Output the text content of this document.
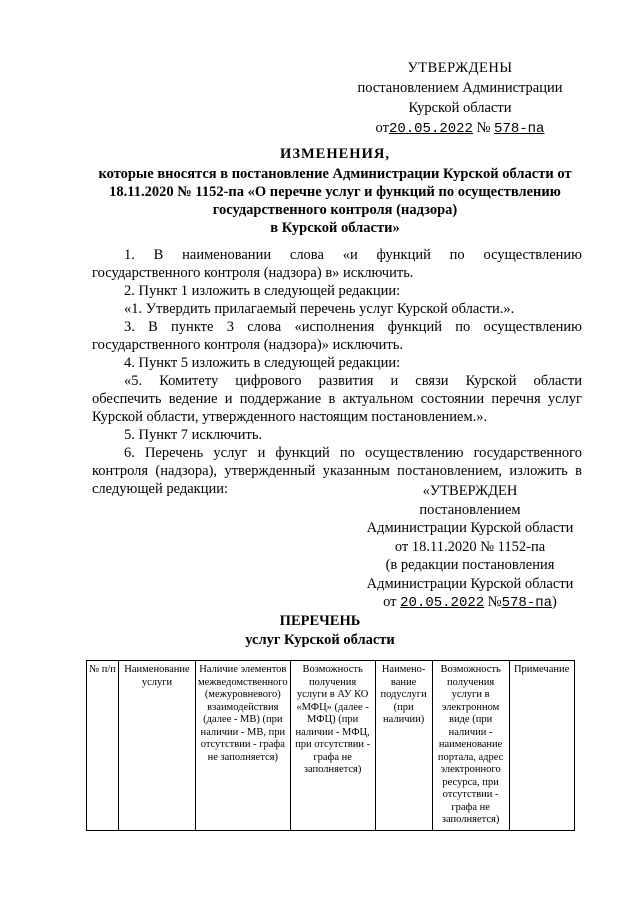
УТВЕРЖДЕНЫ
постановлением Администрации
Курской области
от20.05.2022 № 578-па
ИЗМЕНЕНИЯ,
которые вносятся в постановление Администрации Курской области от
18.11.2020 № 1152-па «О перечне услуг и функций по осуществлению
государственного контроля (надзора)
в Курской области»

1. В наименовании слова «и функций по осуществлению

государственного контроля (надзора) в» исключить.

2. Пункт 1 изложить в следующей редакции:

«1. Утвердить прилагаемый перечень услуг Курской области.».

3. В пункте 3 слова «исполнения функций по осуществлению

государственного контроля (надзора)» исключить.

4. Пункт 5 изложить в следующей редакции:

«5. Комитету цифрового развития и связи Курской области

обеспечить ведение и поддержание в актуальном состоянии перечня услуг

Курской области, утвержденного настоящим постановлением.».

5. Пункт 7 исключить.

6. Перечень услуг и функций по осуществлению государственного

контроля (надзора), утвержденный указанным постановлением, изложить в

следующей редакции:	«УТВЕРЖДЕН
постановлением
Администрации Курской области
от 18.11.2020 № 1152-па
(в редакции постановления
Администрации Курской области
от 20.05.2022 №578-па)
ПЕРЕЧЕНЬ
услуг Курской области
№ п/п	Наименование услуги	Наличие элементов межведомственного (межуровневого) взаимодействия (далее - МВ) (при наличии - МВ, при отсутствии - графа не заполняется)	Возможность получения услуги в АУ КО «МФЦ» (далее - МФЦ) (при наличии - МФЦ, при отсутствии - графа не заполняется)	Наимено-вание подуслуги (при наличии)	Возможность получения услуги в электронном виде (при наличии - наименование портала, адрес электронного ресурса, при отсутствии - графа не заполняется)	Примечание
